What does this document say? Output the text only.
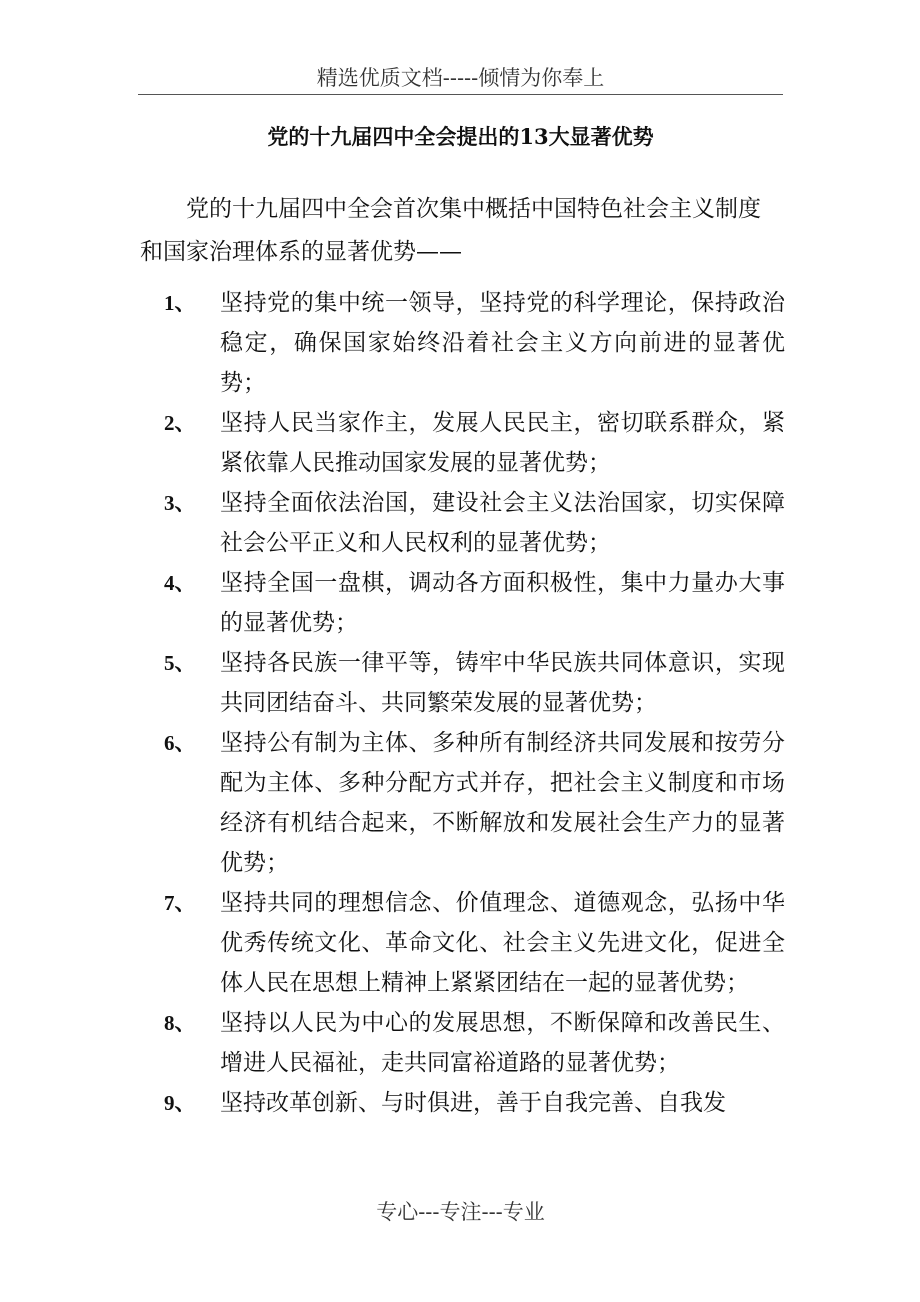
精选优质文档-----倾情为你奉上
党的十九届四中全会提出的13大显著优势
党的十九届四中全会首次集中概括中国特色社会主义制度和国家治理体系的显著优势——
1、	坚持党的集中统一领导，坚持党的科学理论，保持政治稳定，确保国家始终沿着社会主义方向前进的显著优势；
2、	坚持人民当家作主，发展人民民主，密切联系群众，紧紧依靠人民推动国家发展的显著优势；
3、	坚持全面依法治国，建设社会主义法治国家，切实保障社会公平正义和人民权利的显著优势；
4、	坚持全国一盘棋，调动各方面积极性，集中力量办大事的显著优势；
5、	坚持各民族一律平等，铸牢中华民族共同体意识，实现共同团结奋斗、共同繁荣发展的显著优势；
6、	坚持公有制为主体、多种所有制经济共同发展和按劳分配为主体、多种分配方式并存，把社会主义制度和市场经济有机结合起来，不断解放和发展社会生产力的显著优势；
7、	坚持共同的理想信念、价值理念、道德观念，弘扬中华优秀传统文化、革命文化、社会主义先进文化，促进全体人民在思想上精神上紧紧团结在一起的显著优势；
8、	坚持以人民为中心的发展思想，不断保障和改善民生、增进人民福祉，走共同富裕道路的显著优势；
9、	坚持改革创新、与时俱进，善于自我完善、自我发
专心---专注---专业
